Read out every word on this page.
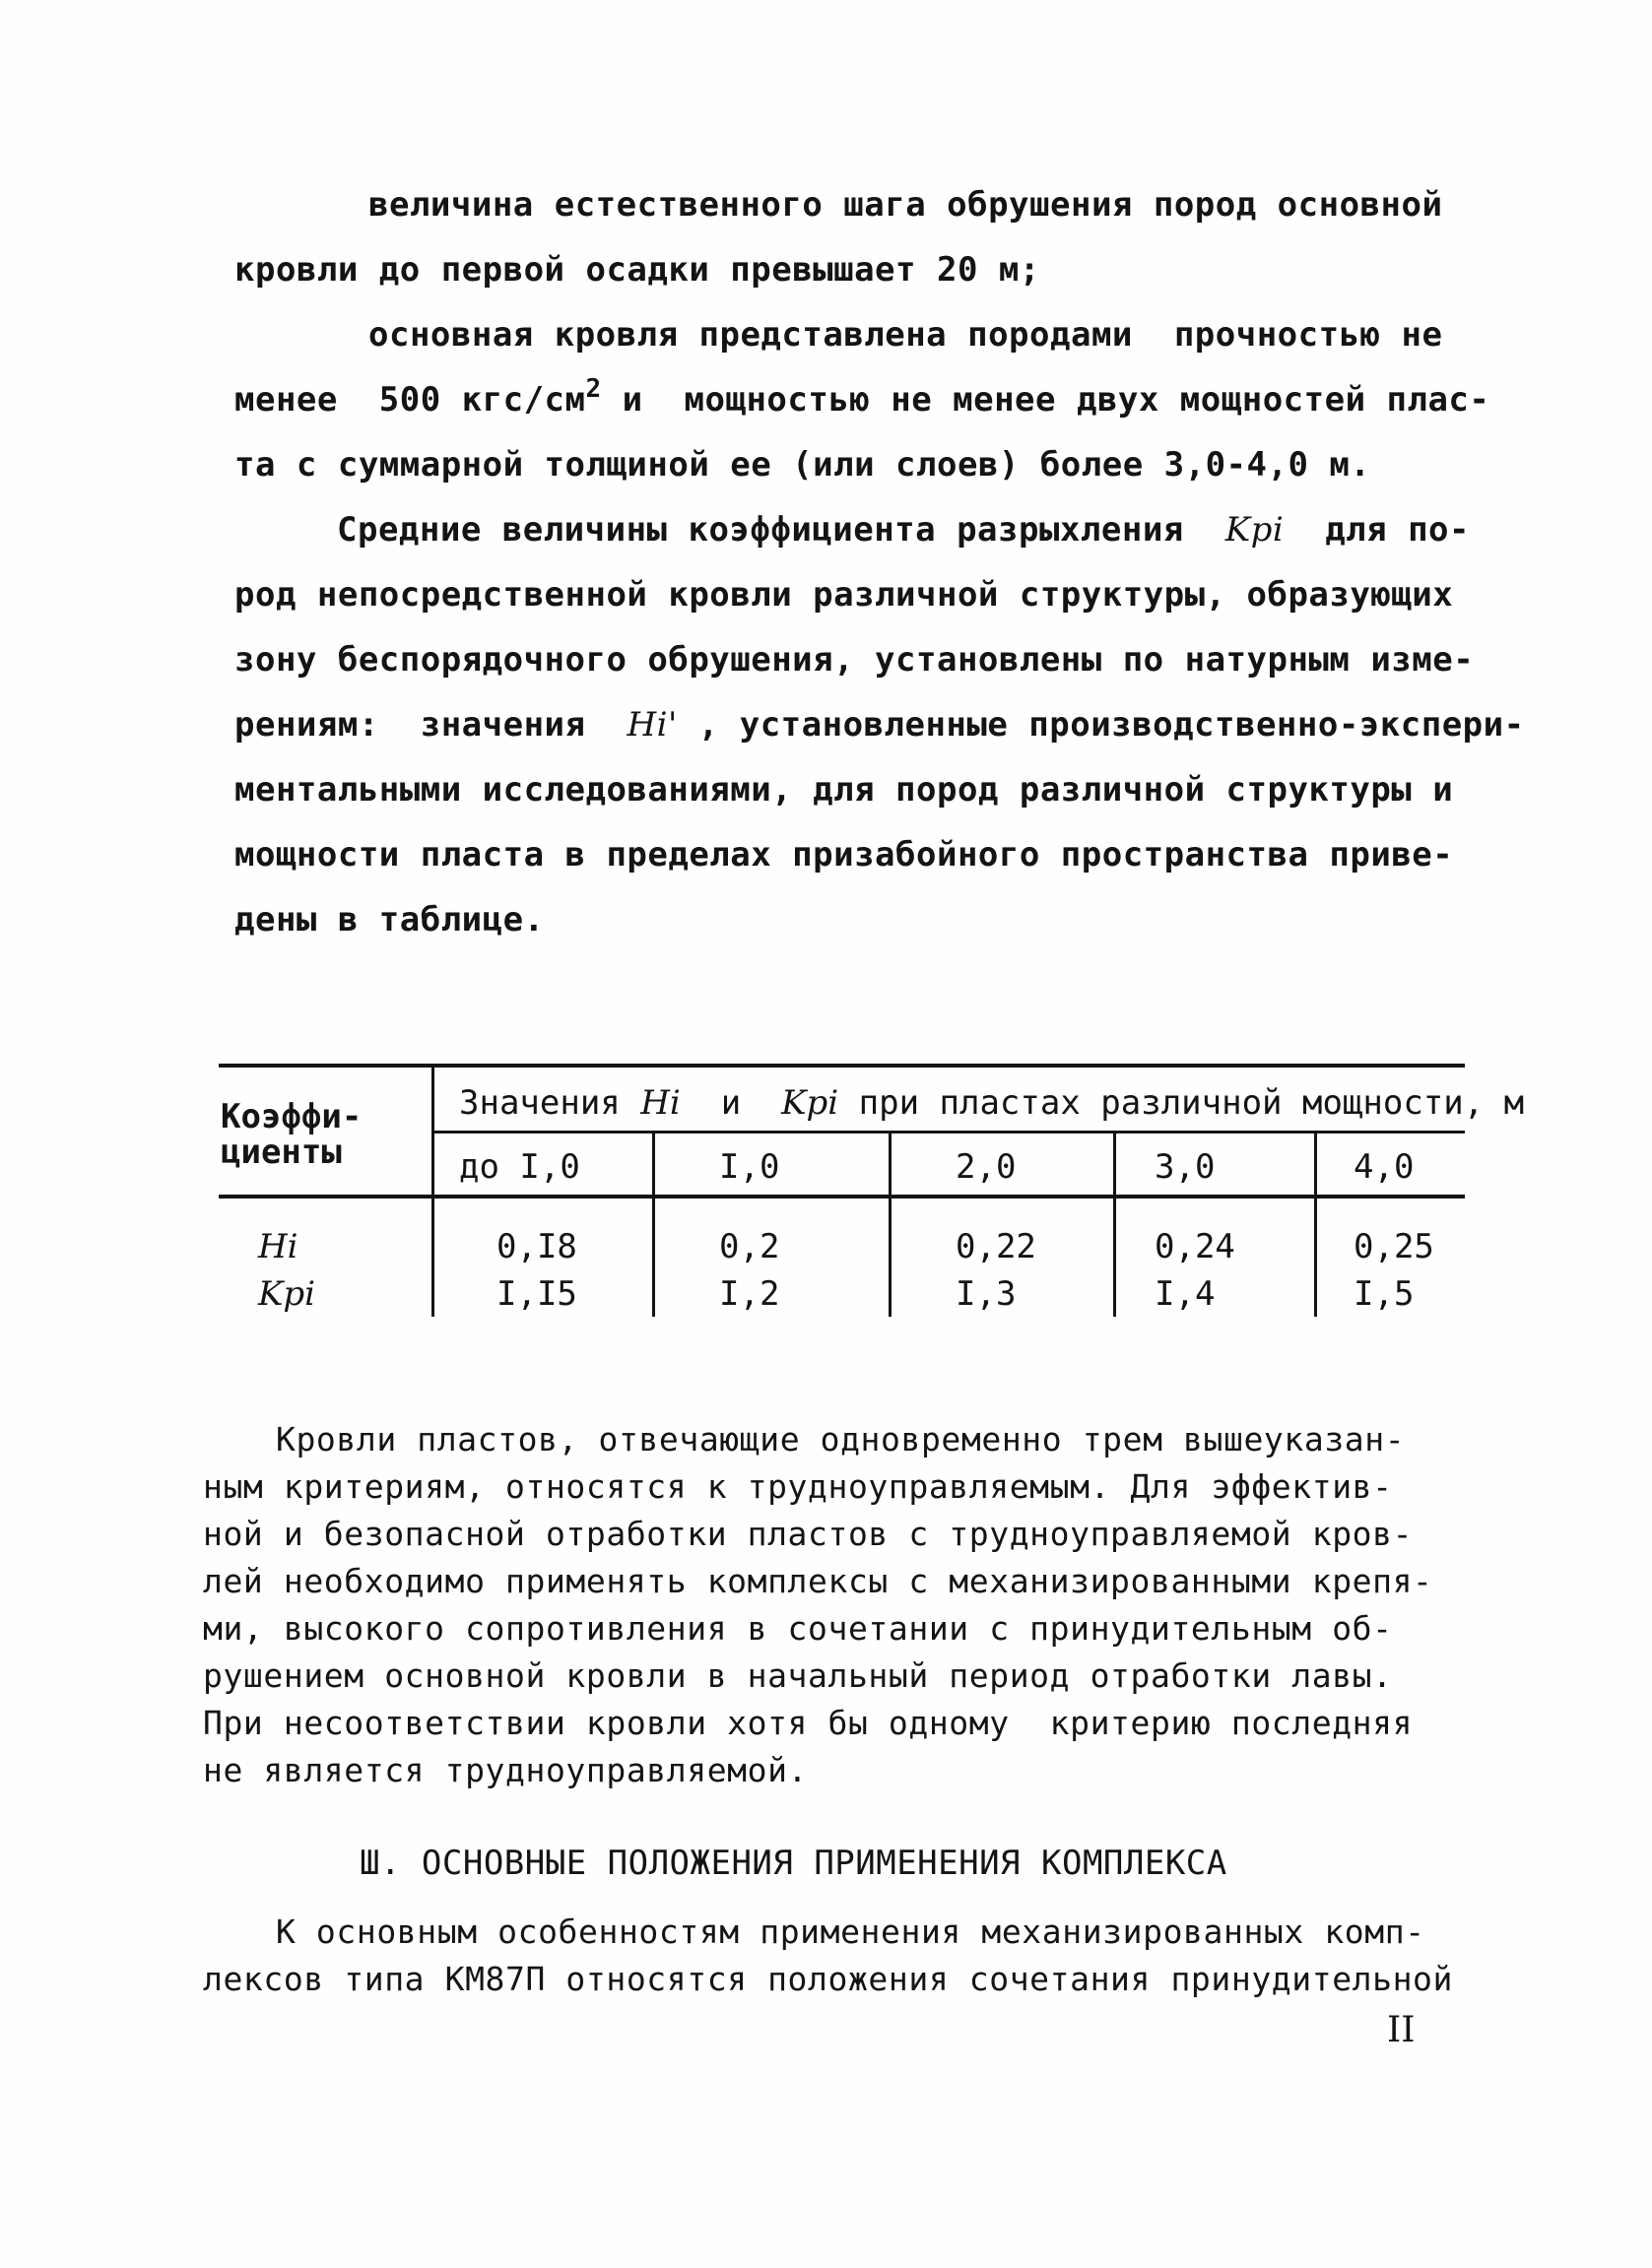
величина естественного шага обрушения пород основной
кровли до первой осадки превышает 20 м;
основная кровля представлена породами  прочностью не
менее  500 кгс/$см^2$ и  мощностью не менее двух мощностей плас-
та с суммарной толщиной ее (или слоев) более 3,0-4,0 м.
Средние величины коэффициента разрыхления  Kpi  для по-
род непосредственной кровли различной структуры, образующих
зону беспорядочного обрушения, установлены по натурным изме-
рениям:  значения  Hi' , установленные производственно-экспери-
ментальными исследованиями, для пород различной структуры и
мощности пласта в пределах призабойного пространства приве-
дены в таблице.
Коэффи-
циенты
Значения Hi  и  Kpi при пластах различной мощности, м
до I,0	I,0	2,0	3,0	4,0
Hi	0,I8	0,2	0,22	0,24	0,25
Kpi	I,I5	I,2	I,3	I,4	I,5
Кровли пластов, отвечающие одновременно трем вышеуказан-
ным критериям, относятся к трудноуправляемым. Для эффектив-
ной и безопасной отработки пластов с трудноуправляемой кров-
лей необходимо применять комплексы с механизированными крепя-
ми, высокого сопротивления в сочетании с принудительным об-
рушением основной кровли в начальный период отработки лавы.
При несоответствии кровли хотя бы одному  критерию последняя
не является трудноуправляемой.
Ш. ОСНОВНЫЕ ПОЛОЖЕНИЯ ПРИМЕНЕНИЯ КОМПЛЕКСА
К основным особенностям применения механизированных комп-
лексов типа КМ87П относятся положения сочетания принудительной
II
